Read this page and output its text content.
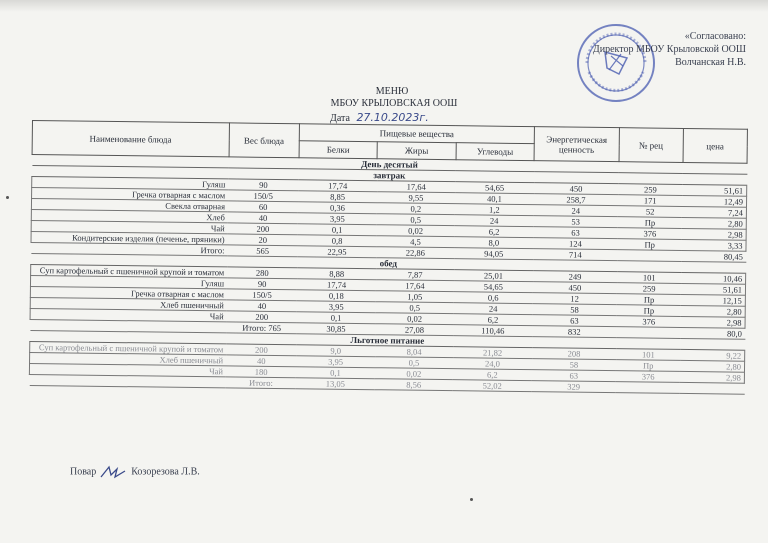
«Согласовано:
Директор МБОУ Крыловской ООШ
Волчанская Н.В.
МЕНЮ
МБОУ КРЫЛОВСКАЯ ООШ
Дата 27.10.2023г.
Наименование блюда	Вес блюда	Пищевые вещества			Энергетическая ценность	№ рец	цена
		Белки	Жиры	Углеводы			
День десятый							
завтрак							
Гуляш	90	17,74	17,64	54,65	450	259	51,61
Гречка отварная с маслом	150/5	8,85	9,55	40,1	258,7	171	12,49
Свекла отварная	60	0,36	0,2	1,2	24	52	7,24
Хлеб	40	3,95	0,5	24	53	Пр	2,80
Чай	200	0,1	0,02	6,2	63	376	2,98
Кондитерские изделия (печенье, пряники)	20	0,8	4,5	8,0	124	Пр	3,33
Итого:	565	22,95	22,86	94,05	714		80,45
обед							
Суп картофельный с пшеничной крупой и томатом	280	8,88	7,87	25,01	249	101	10,46
Гуляш	90	17,74	17,64	54,65	450	259	51,61
Гречка отварная с маслом	150/5	0,18	1,05	0,6	12	Пр	12,15
Хлеб пшеничный	40	3,95	0,5	24	58	Пр	2,80
Чай	200	0,1	0,02	6,2	63	376	2,98
	Итого: 765	30,85	27,08	110,46	832		80,0
Льготное питание							
Суп картофельный с пшеничной крупой и томатом	200	9,0	8,04	21,82	208	101	9,22
Хлеб пшеничный	40	3,95	0,5	24,0	58	Пр	2,80
Чай	180	0,1	0,02	6,2	63	376	2,98
	Итого:	13,05	8,56	52,02	329		
Повар	Козорезова Л.В.
